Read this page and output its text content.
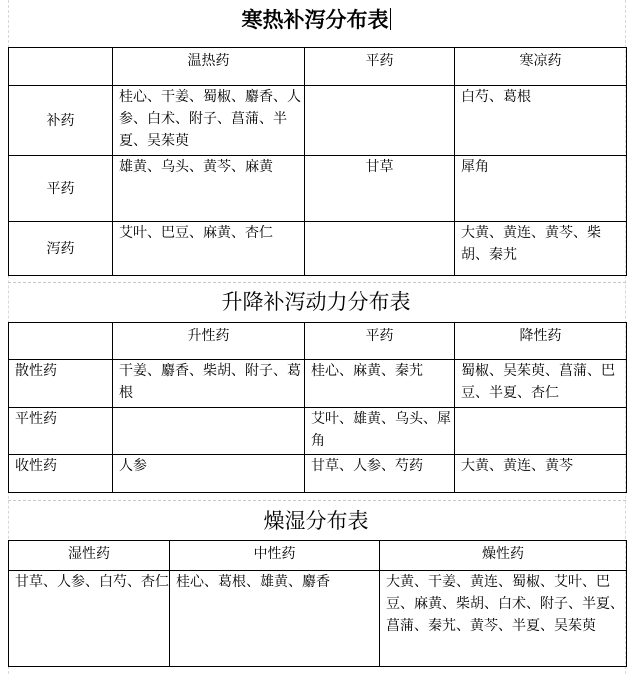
寒热补泻分布表
	温热药	平药	寒凉药
补药	桂心、干姜、蜀椒、麝香、人参、白术、附子、菖蒲、半夏、吴茱萸		白芍、葛根
平药	雄黄、乌头、黄芩、麻黄	甘草	犀角
泻药	艾叶、巴豆、麻黄、杏仁		大黄、黄连、黄芩、柴胡、秦艽
升降补泻动力分布表
	升性药	平药	降性药
散性药	干姜、麝香、柴胡、附子、葛根	桂心、麻黄、秦艽	蜀椒、吴茱萸、菖蒲、巴豆、半夏、杏仁
平性药		艾叶、雄黄、乌头、犀角	
收性药	人参	甘草、人参、芍药	大黄、黄连、黄芩
燥湿分布表
湿性药	中性药	燥性药
甘草、人参、白芍、杏仁	桂心、葛根、雄黄、麝香	大黄、干姜、黄连、蜀椒、艾叶、巴豆、麻黄、柴胡、白术、附子、半夏、菖蒲、秦艽、黄芩、半夏、吴茱萸
